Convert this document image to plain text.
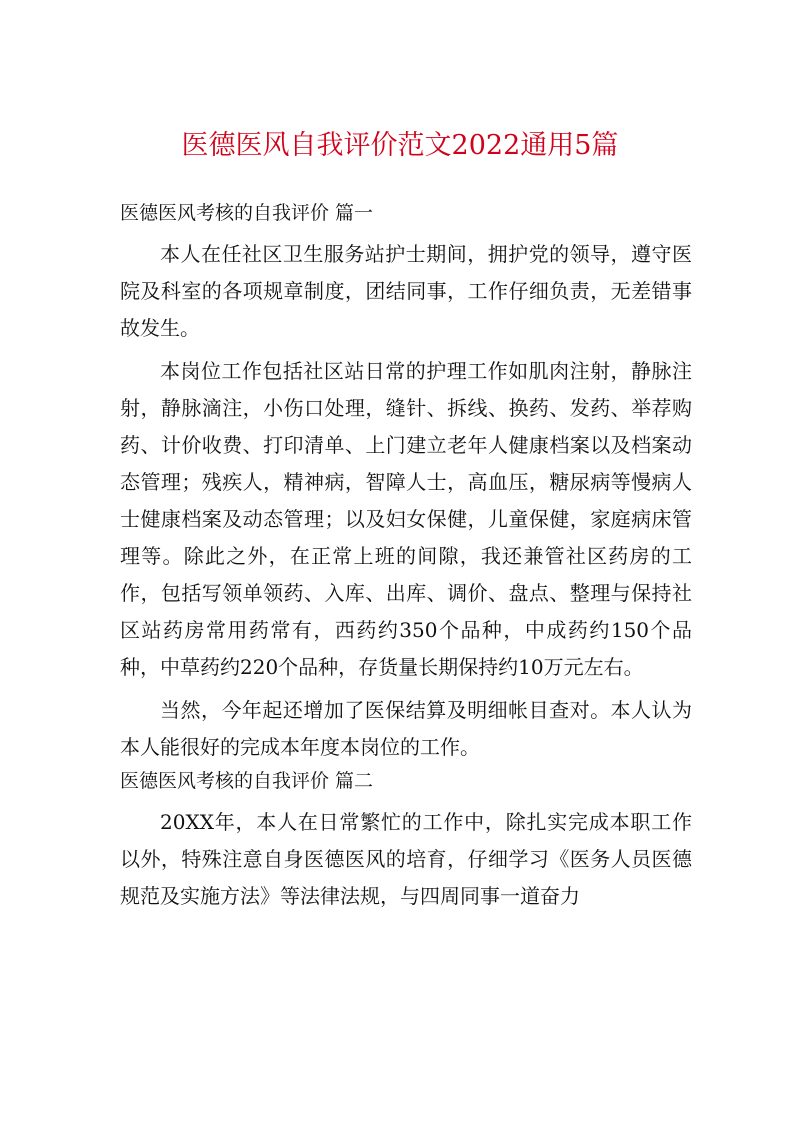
医德医风自我评价范文2022通用5篇

医德医风考核的自我评价 篇一

本人在任社区卫生服务站护士期间，拥护党的领导，遵守医院及科室的各项规章制度，团结同事，工作仔细负责，无差错事故发生。

本岗位工作包括社区站日常的护理工作如肌肉注射，静脉注射，静脉滴注，小伤口处理，缝针、拆线、换药、发药、举荐购药、计价收费、打印清单、上门建立老年人健康档案以及档案动态管理；残疾人，精神病，智障人士，高血压，糖尿病等慢病人士健康档案及动态管理；以及妇女保健，儿童保健，家庭病床管理等。除此之外，在正常上班的间隙，我还兼管社区药房的工作，包括写领单领药、入库、出库、调价、盘点、整理与保持社区站药房常用药常有，西药约350个品种，中成药约150个品种，中草药约220个品种，存货量长期保持约10万元左右。

当然，今年起还增加了医保结算及明细帐目查对。本人认为本人能很好的完成本年度本岗位的工作。

医德医风考核的自我评价 篇二

20XX年，本人在日常繁忙的工作中，除扎实完成本职工作以外，特殊注意自身医德医风的培育，仔细学习《医务人员医德规范及实施方法》等法律法规，与四周同事一道奋力
